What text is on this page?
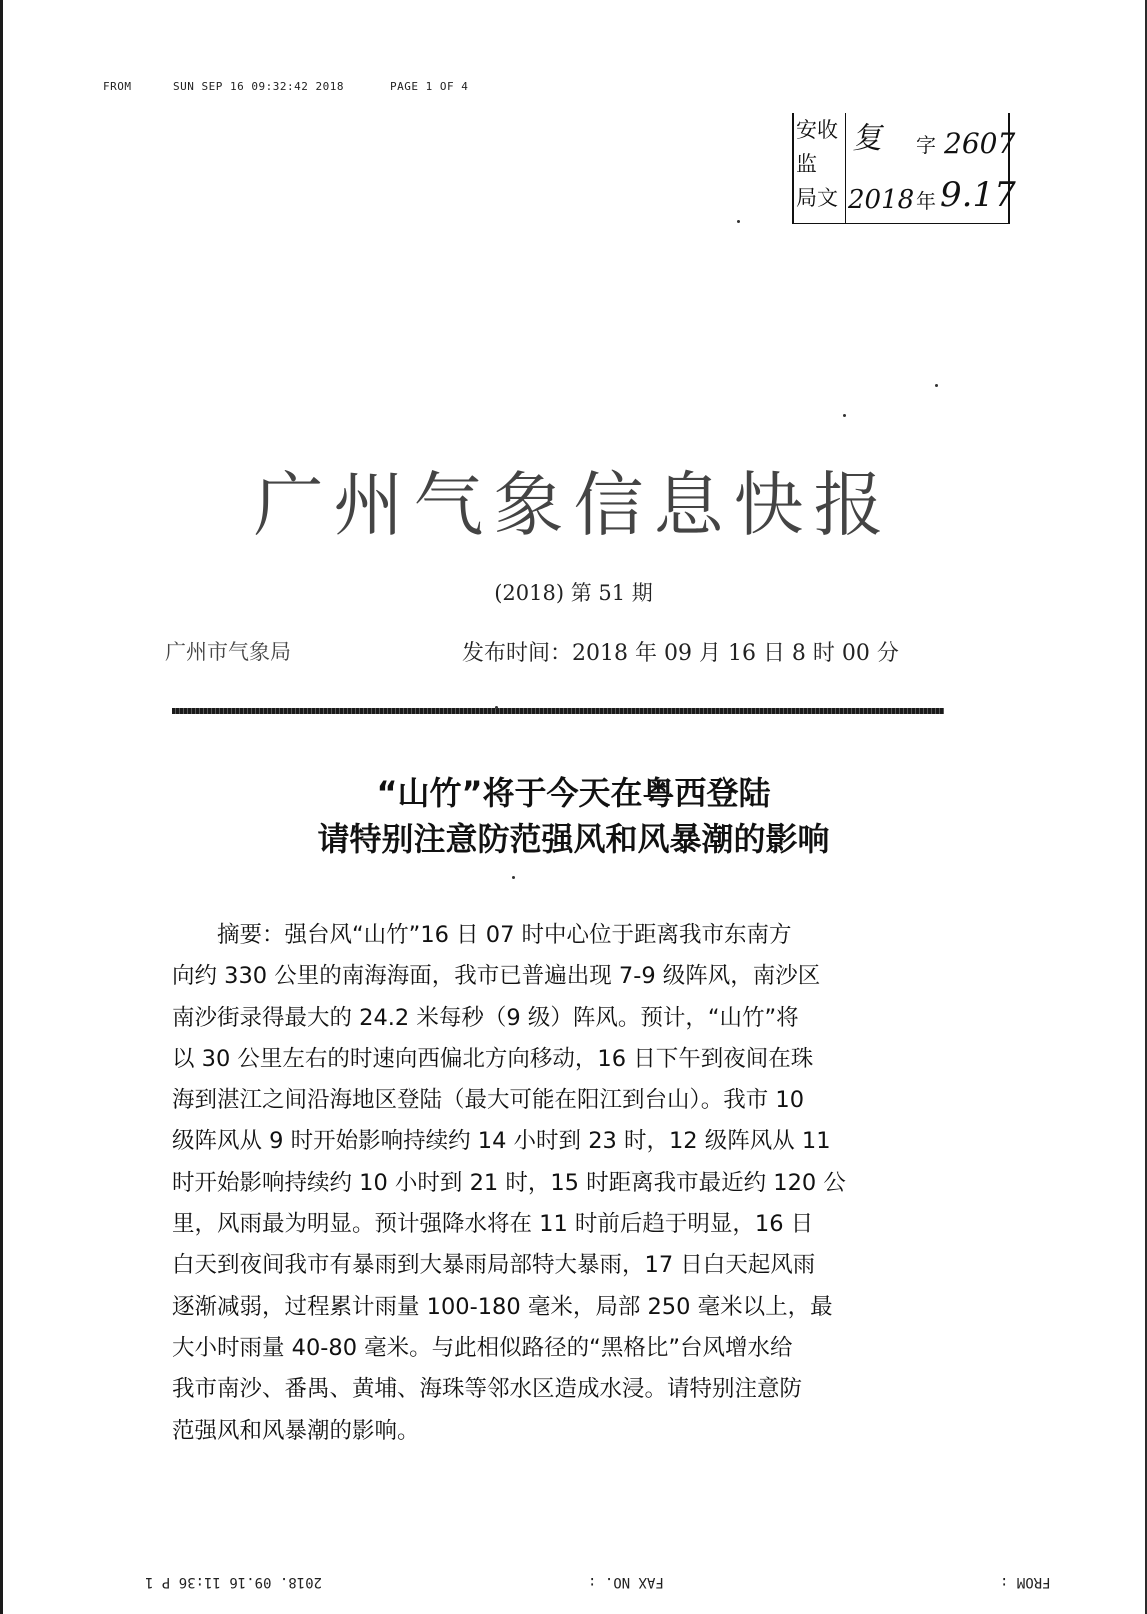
FROM	SUN SEP 16 09:32:42 2018	PAGE 1 OF 4
安收
监
局文
复 字 2607
2018 年 9.17
广州气象信息快报
(2018) 第 51 期
广州市气象局	发布时间：2018 年 09 月 16 日 8 时 00 分
“山竹”将于今天在粤西登陆
请特别注意防范强风和风暴潮的影响
摘要：强台风“山竹”16 日 07 时中心位于距离我市东南方
向约 330 公里的南海海面，我市已普遍出现 7-9 级阵风，南沙区
南沙街录得最大的 24.2 米每秒（9 级）阵风。预计，“山竹”将
以 30 公里左右的时速向西偏北方向移动，16 日下午到夜间在珠
海到湛江之间沿海地区登陆（最大可能在阳江到台山）。我市 10
级阵风从 9 时开始影响持续约 14 小时到 23 时，12 级阵风从 11
时开始影响持续约 10 小时到 21 时，15 时距离我市最近约 120 公
里，风雨最为明显。预计强降水将在 11 时前后趋于明显，16 日
白天到夜间我市有暴雨到大暴雨局部特大暴雨，17 日白天起风雨
逐渐减弱，过程累计雨量 100-180 毫米，局部 250 毫米以上，最
大小时雨量 40-80 毫米。与此相似路径的“黑格比”台风增水给
我市南沙、番禺、黄埔、海珠等邻水区造成水浸。请特别注意防
范强风和风暴潮的影响。
2018. 09.16 11:36 P 1	FAX NO. :	FROM :
